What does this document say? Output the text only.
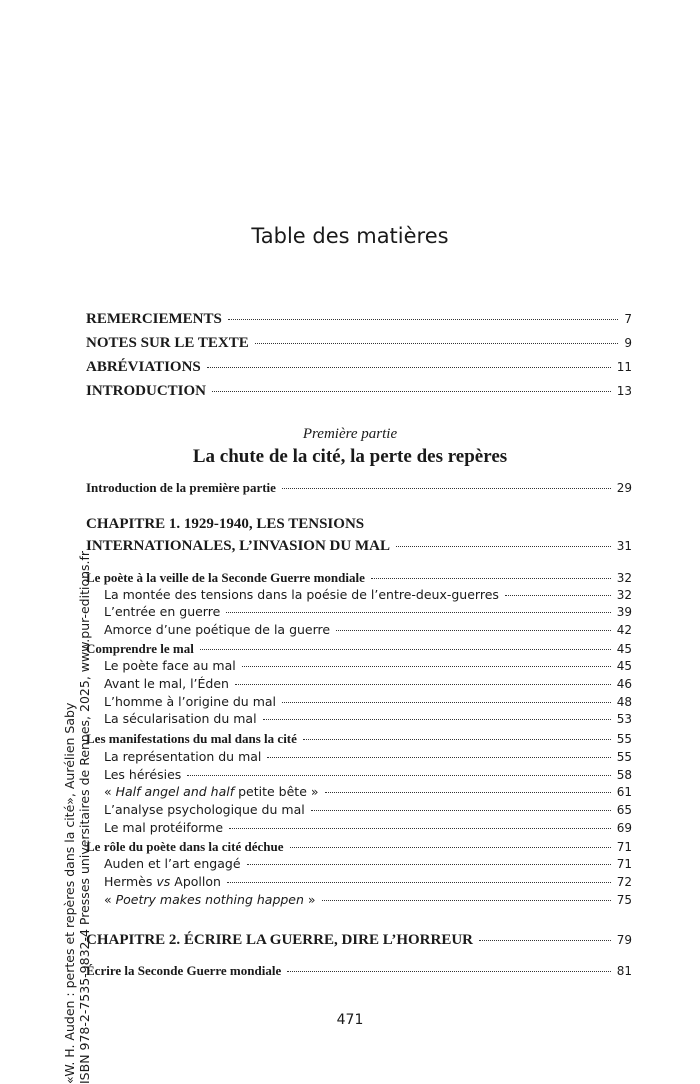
Table des matières
REMERCIEMENTS	7
NOTES SUR LE TEXTE	9
ABRÉVIATIONS	11
INTRODUCTION	13
Introduction de la première partie	29
CHAPITRE 1. 1929-1940, LES TENSIONS
INTERNATIONALES, L’INVASION DU MAL	31
Le poète à la veille de la Seconde Guerre mondiale	32
La montée des tensions dans la poésie de l’entre-deux-guerres	32
L’entrée en guerre	39
Amorce d’une poétique de la guerre	42
Comprendre le mal	45
Le poète face au mal	45
Avant le mal, l’Éden	46
L’homme à l’origine du mal	48
La sécularisation du mal	53
Les manifestations du mal dans la cité	55
La représentation du mal	55
Les hérésies	58
« Half angel and half petite bête »	61
L’analyse psychologique du mal	65
Le mal protéiforme	69
Le rôle du poète dans la cité déchue	71
Auden et l’art engagé	71
Hermès vs Apollon	72
« Poetry makes nothing happen »	75
CHAPITRE 2. ÉCRIRE LA GUERRE, DIRE L’HORREUR	79
Écrire la Seconde Guerre mondiale	81
Première partie
La chute de la cité, la perte des repères
«W. H. Auden : pertes et repères dans la cité», Aurélien Saby ISBN 978-2-7535-9832-4 Presses universitaires de Rennes, 2025, www.pur-editions.fr	471
